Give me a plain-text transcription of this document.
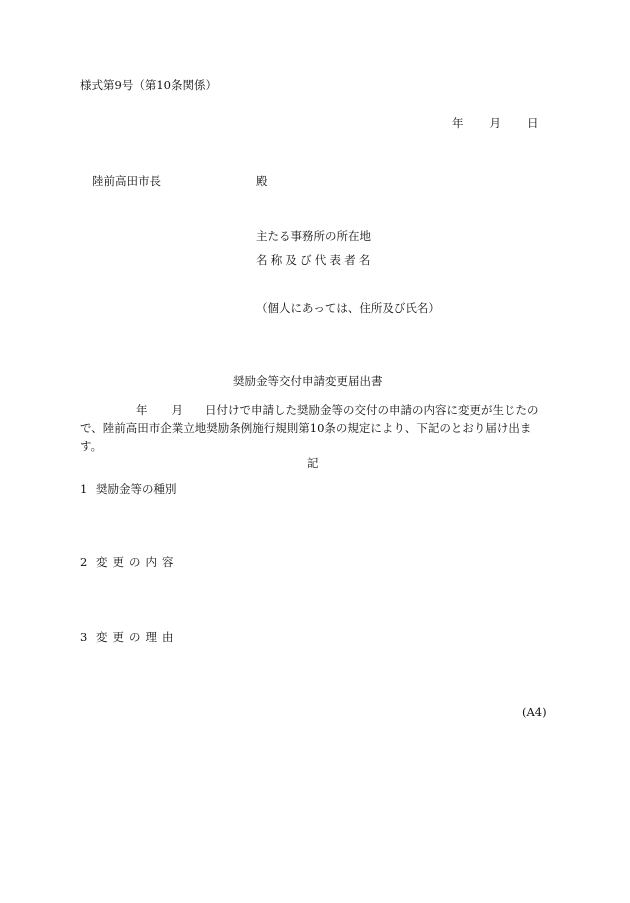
様式第9号（第10条関係）
年 月 日
陸前高田市長	殿
主たる事務所の所在地
名称及び代表者名
（個人にあっては、住所及び氏名）
奨励金等交付申請変更届出書
年 月 日付けで申請した奨励金等の交付の申請の内容に変更が生じたの
で、陸前高田市企業立地奨励条例施行規則第10条の規定により、下記のとおり届け出ま
す。
記
1 奨励金等の種別
2 変更の内容
3 変更の理由
(A4)
